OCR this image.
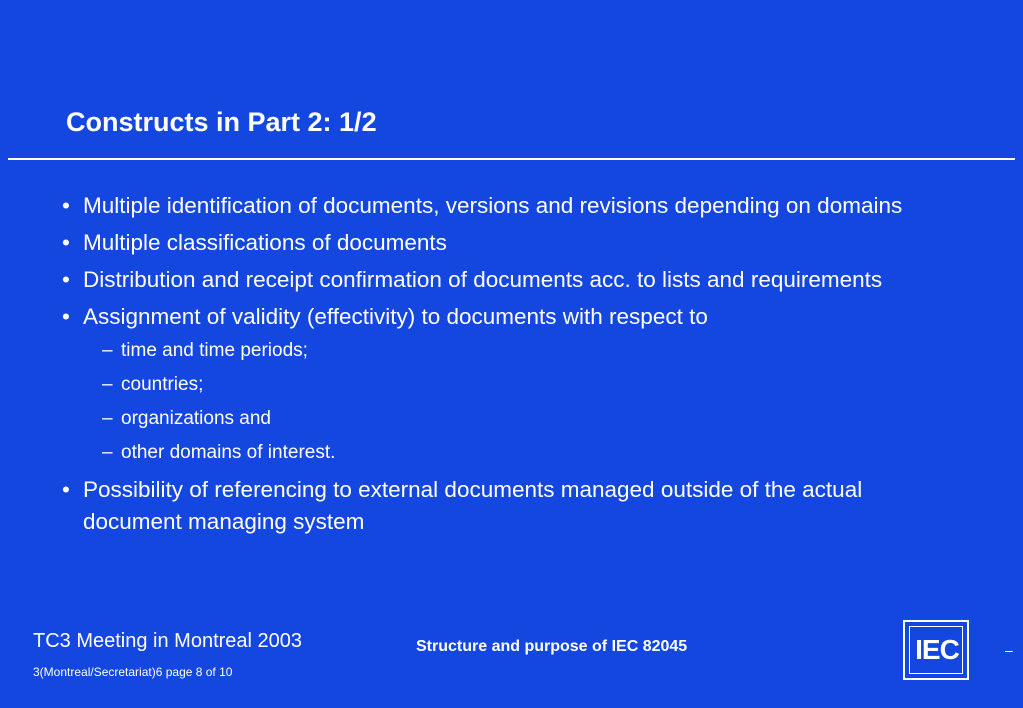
Constructs in Part 2: 1/2
• Multiple identification of documents, versions and revisions depending on domains
• Multiple classifications of documents
• Distribution and receipt confirmation of documents acc. to lists and requirements
• Assignment of validity (effectivity) to documents with respect to
– time and time periods;
– countries;
– organizations and
– other domains of interest.
• Possibility of referencing to external documents managed outside of the actual document managing system
TC3 Meeting in Montreal 2003
3(Montreal/Secretariat)6 page 8 of 10
Structure and purpose of IEC 82045	IEC	–
